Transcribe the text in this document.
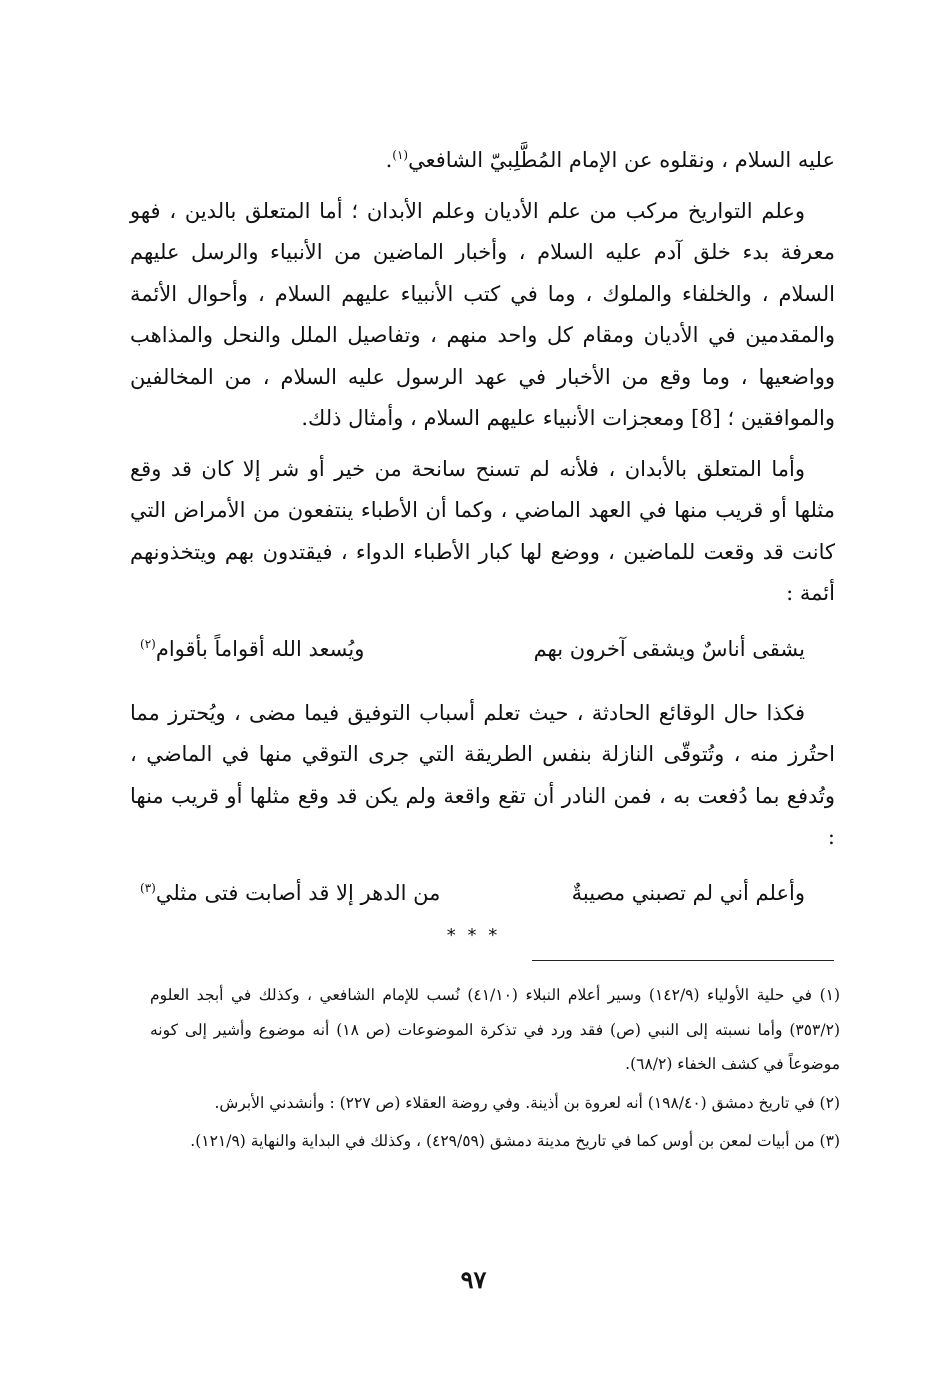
عليه السلام ، ونقلوه عن الإمام المُطَّلِبيّ الشافعي$^{(١)}$.

وعلم التواريخ مركب من علم الأديان وعلم الأبدان ؛ أما المتعلق بالدين ، فهو معرفة بدء خلق آدم عليه السلام ، وأخبار الماضين من الأنبياء والرسل عليهم السلام ، والخلفاء والملوك ، وما في كتب الأنبياء عليهم السلام ، وأحوال الأئمة والمقدمين في الأديان ومقام كل واحد منهم ، وتفاصيل الملل والنحل والمذاهب وواضعيها ، وما وقع من الأخبار في عهد الرسول عليه السلام ، من المخالفين والموافقين ؛ [8] ومعجزات الأنبياء عليهم السلام ، وأمثال ذلك.

وأما المتعلق بالأبدان ، فلأنه لم تسنح سانحة من خير أو شر إلا كان قد وقع مثلها أو قريب منها في العهد الماضي ، وكما أن الأطباء ينتفعون من الأمراض التي كانت قد وقعت للماضين ، ووضع لها كبار الأطباء الدواء ، فيقتدون بهم ويتخذونهم أئمة :

يشقى أناسٌ ويشقى آخرون بهم
ويُسعد الله أقواماً بأقوام$^{(٢)}$

فكذا حال الوقائع الحادثة ، حيث تعلم أسباب التوفيق فيما مضى ، ويُحترز مما احتُرز منه ، وتُتوقّى النازلة بنفس الطريقة التي جرى التوقي منها في الماضي ، وتُدفع بما دُفعت به ، فمن النادر أن تقع واقعة ولم يكن قد وقع مثلها أو قريب منها :

وأعلم أني لم تصبني مصيبةٌ
من الدهر إلا قد أصابت فتى مثلي$^{(٣)}$
* * *

(١) في حلية الأولياء (١٤٢/٩) وسير أعلام النبلاء (٤١/١٠) نُسب للإمام الشافعي ، وكذلك في أبجد العلوم (٣٥٣/٢) وأما نسبته إلى النبي (ص) فقد ورد في تذكرة الموضوعات (ص ١٨) أنه موضوع وأشير إلى كونه موضوعاً في كشف الخفاء (٦٨/٢).

(٢) في تاريخ دمشق (١٩٨/٤٠) أنه لعروة بن أذينة. وفي روضة العقلاء (ص ٢٢٧) : وأنشدني الأبرش.

(٣) من أبيات لمعن بن أوس كما في تاريخ مدينة دمشق (٤٢٩/٥٩) ، وكذلك في البداية والنهاية (١٢١/٩).

٩٧
